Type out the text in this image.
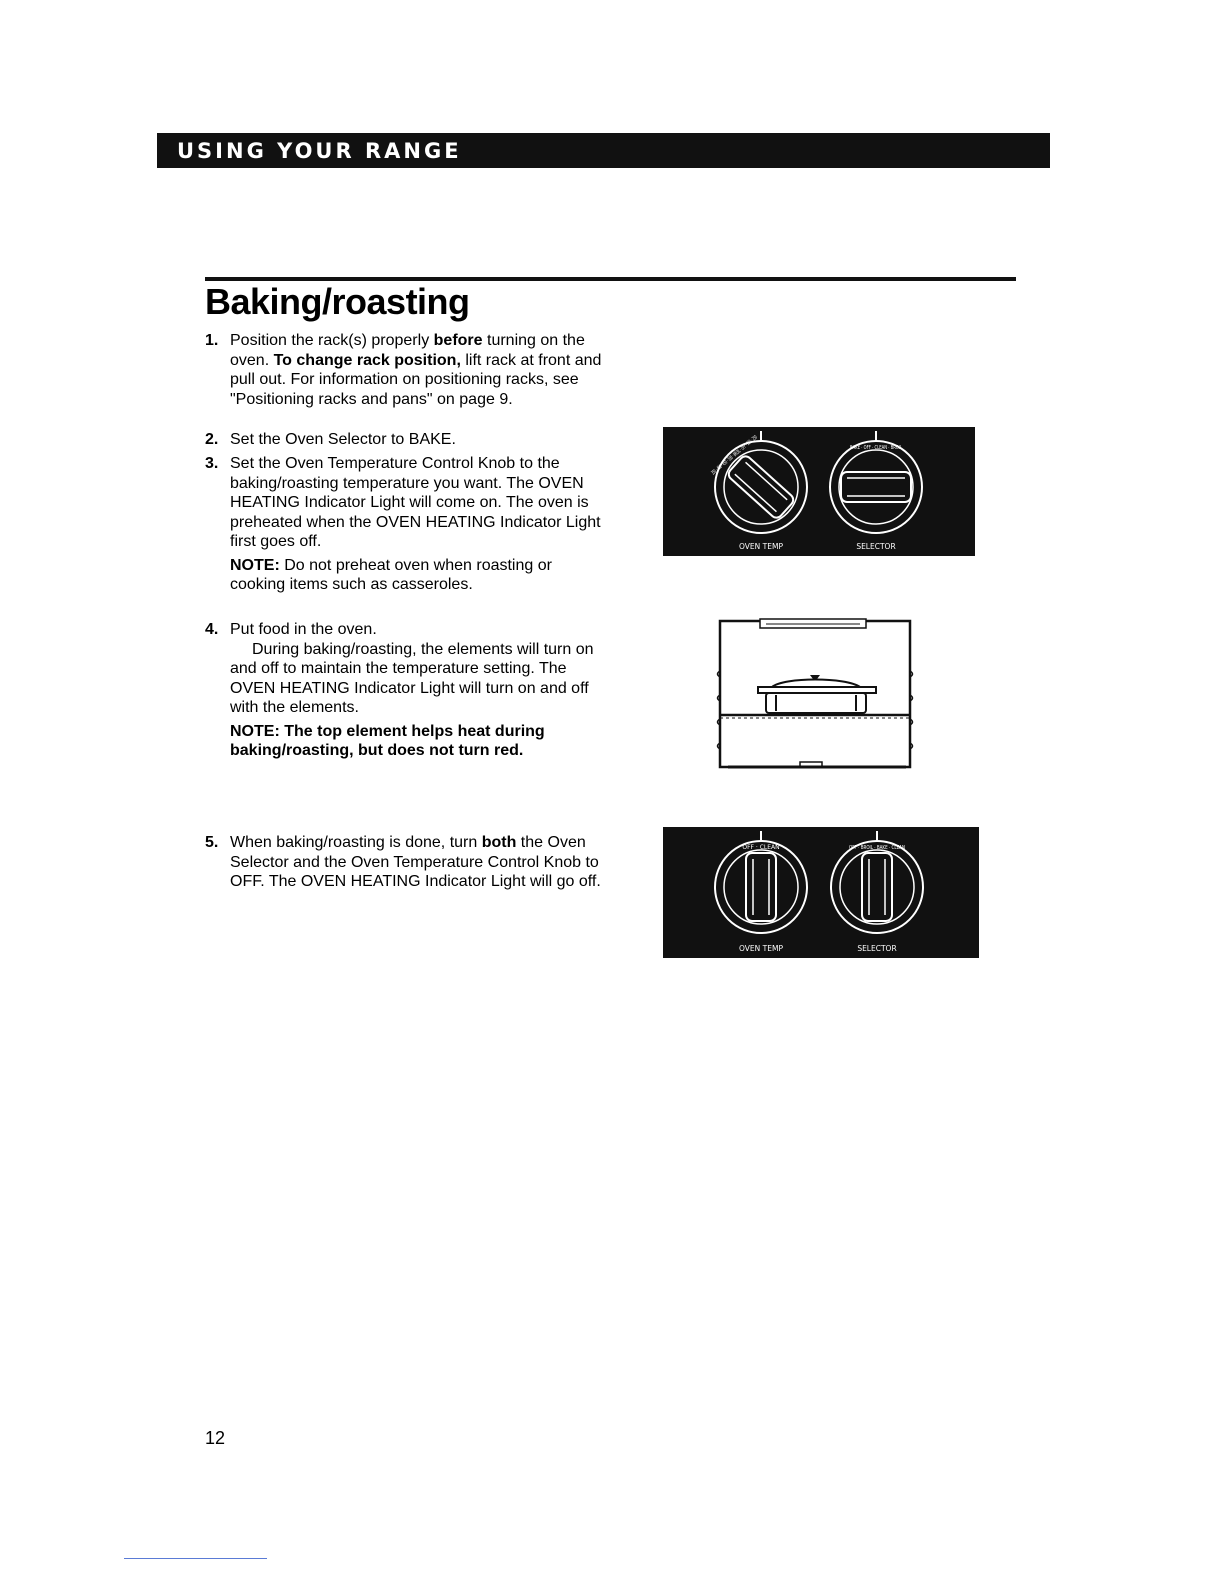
USING YOUR RANGE
Baking/roasting
1. Position the rack(s) properly before turning on the oven. To change rack position, lift rack at front and pull out. For information on positioning racks, see "Positioning racks and pans" on page 9.

2. Set the Oven Selector to BAKE.

3. Set the Oven Temperature Control Knob to the baking/roasting temperature you want. The OVEN HEATING Indicator Light will come on. The oven is preheated when the OVEN HEATING Indicator Light first goes off.

NOTE: Do not preheat oven when roasting or cooking items such as casseroles.

4. Put food in the oven.

During baking/roasting, the elements will turn on and off to maintain the temperature setting. The OVEN HEATING Indicator Light will turn on and off with the elements.

NOTE: The top element helps heat during baking/roasting, but does not turn red.

5. When baking/roasting is done, turn both the Oven Selector and the Oven Temperature Control Knob to OFF. The OVEN HEATING Indicator Light will go off.

OVEN TEMP
BAKE · OFF · CLEAN · BROIL
SELECTOR
OFF · CLEAN
OVEN TEMP
OFF · BROIL · BAKE · CLEAN
SELECTOR
12
